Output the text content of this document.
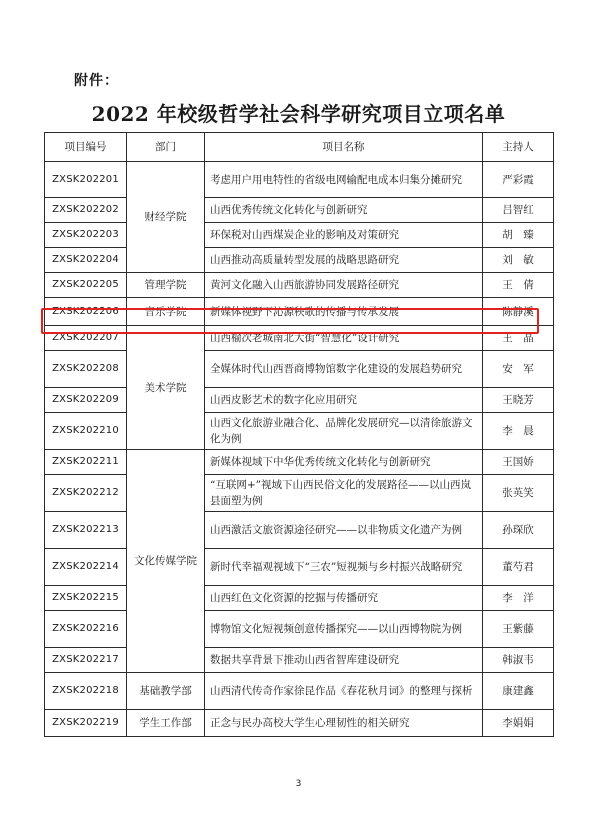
附件：
2022 年校级哲学社会科学研究项目立项名单
项目编号	部门	项目名称	主持人
ZXSK202201	财经学院	考虑用户用电特性的省级电网输配电成本归集分摊研究	严彩霞
ZXSK202202		山西优秀传统文化转化与创新研究	吕智红
ZXSK202203		环保税对山西煤炭企业的影响及对策研究	胡　臻
ZXSK202204		山西推动高质量转型发展的战略思路研究	刘　敏
ZXSK202205	管理学院	黄河文化融入山西旅游协同发展路径研究	王　倩
ZXSK202206	音乐学院	新媒体视野下沁源秧歌的传播与传承发展	陈静溪
ZXSK202207	美术学院	山西榆次老城南北大街“智慧化”设计研究	王　晶
ZXSK202208		全媒体时代山西晋商博物馆数字化建设的发展趋势研究	安　军
ZXSK202209		山西皮影艺术的数字化应用研究	王晓芳
ZXSK202210		山西文化旅游业融合化、品牌化发展研究—以清徐旅游文化为例	李　晨
ZXSK202211	文化传媒学院	新媒体视域下中华优秀传统文化转化与创新研究	王国娇
ZXSK202212		“互联网+”视域下山西民俗文化的发展路径——以山西岚县面塑为例	张英笑
ZXSK202213		山西激活文旅资源途径研究——以非物质文化遗产为例	孙琛欣
ZXSK202214		新时代幸福观视域下“三农”短视频与乡村振兴战略研究	董芍君
ZXSK202215		山西红色文化资源的挖掘与传播研究	李　洋
ZXSK202216		博物馆文化短视频创意传播探究——以山西博物院为例	王紫藤
ZXSK202217		数据共享背景下推动山西省智库建设研究	韩淑韦
ZXSK202218	基础教学部	山西清代传奇作家徐昆作品《春花秋月词》的整理与探析	康建鑫
ZXSK202219	学生工作部	正念与民办高校大学生心理韧性的相关研究	李娟娟
3
